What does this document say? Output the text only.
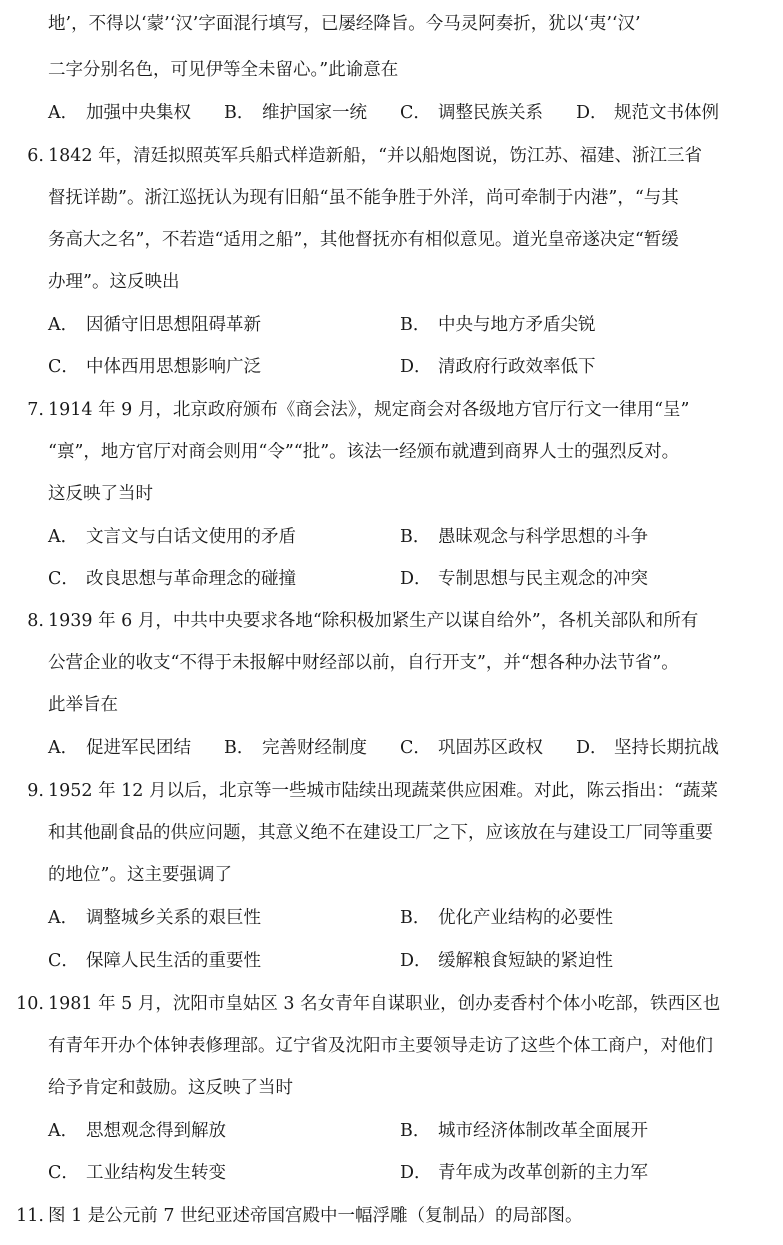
地’，不得以‘蒙’‘汉’字面混行填写，已屡经降旨。今马灵阿奏折，犹以‘夷’‘汉’
二字分别名色，可见伊等全未留心。”此谕意在
A． 加强中央集权 B． 维护国家一统 C． 调整民族关系 D． 规范文书体例
6. 1842 年，清廷拟照英军兵船式样造新船，“并以船炮图说，饬江苏、福建、浙江三省
督抚详勘”。浙江巡抚认为现有旧船“虽不能争胜于外洋，尚可牵制于内港”，“与其
务高大之名”，不若造“适用之船”，其他督抚亦有相似意见。道光皇帝遂决定“暂缓
办理”。这反映出
A． 因循守旧思想阻碍革新	B． 中央与地方矛盾尖锐
C． 中体西用思想影响广泛	D． 清政府行政效率低下
7. 1914 年 9 月，北京政府颁布《商会法》，规定商会对各级地方官厅行文一律用“呈”
“禀”，地方官厅对商会则用“令”“批”。该法一经颁布就遭到商界人士的强烈反对。
这反映了当时
A． 文言文与白话文使用的矛盾	B． 愚昧观念与科学思想的斗争
C． 改良思想与革命理念的碰撞	D． 专制思想与民主观念的冲突
8. 1939 年 6 月，中共中央要求各地“除积极加紧生产以谋自给外”，各机关部队和所有
公营企业的收支“不得于未报解中财经部以前，自行开支”，并“想各种办法节省”。
此举旨在
A． 促进军民团结 B． 完善财经制度 C． 巩固苏区政权 D． 坚持长期抗战
9. 1952 年 12 月以后，北京等一些城市陆续出现蔬菜供应困难。对此，陈云指出：“蔬菜
和其他副食品的供应问题，其意义绝不在建设工厂之下，应该放在与建设工厂同等重要
的地位”。这主要强调了
A． 调整城乡关系的艰巨性	B． 优化产业结构的必要性
C． 保障人民生活的重要性	D． 缓解粮食短缺的紧迫性
10. 1981 年 5 月，沈阳市皇姑区 3 名女青年自谋职业，创办麦香村个体小吃部，铁西区也
有青年开办个体钟表修理部。辽宁省及沈阳市主要领导走访了这些个体工商户，对他们
给予肯定和鼓励。这反映了当时
A． 思想观念得到解放	B． 城市经济体制改革全面展开
C． 工业结构发生转变	D． 青年成为改革创新的主力军
11. 图 1 是公元前 7 世纪亚述帝国宫殿中一幅浮雕（复制品）的局部图。
